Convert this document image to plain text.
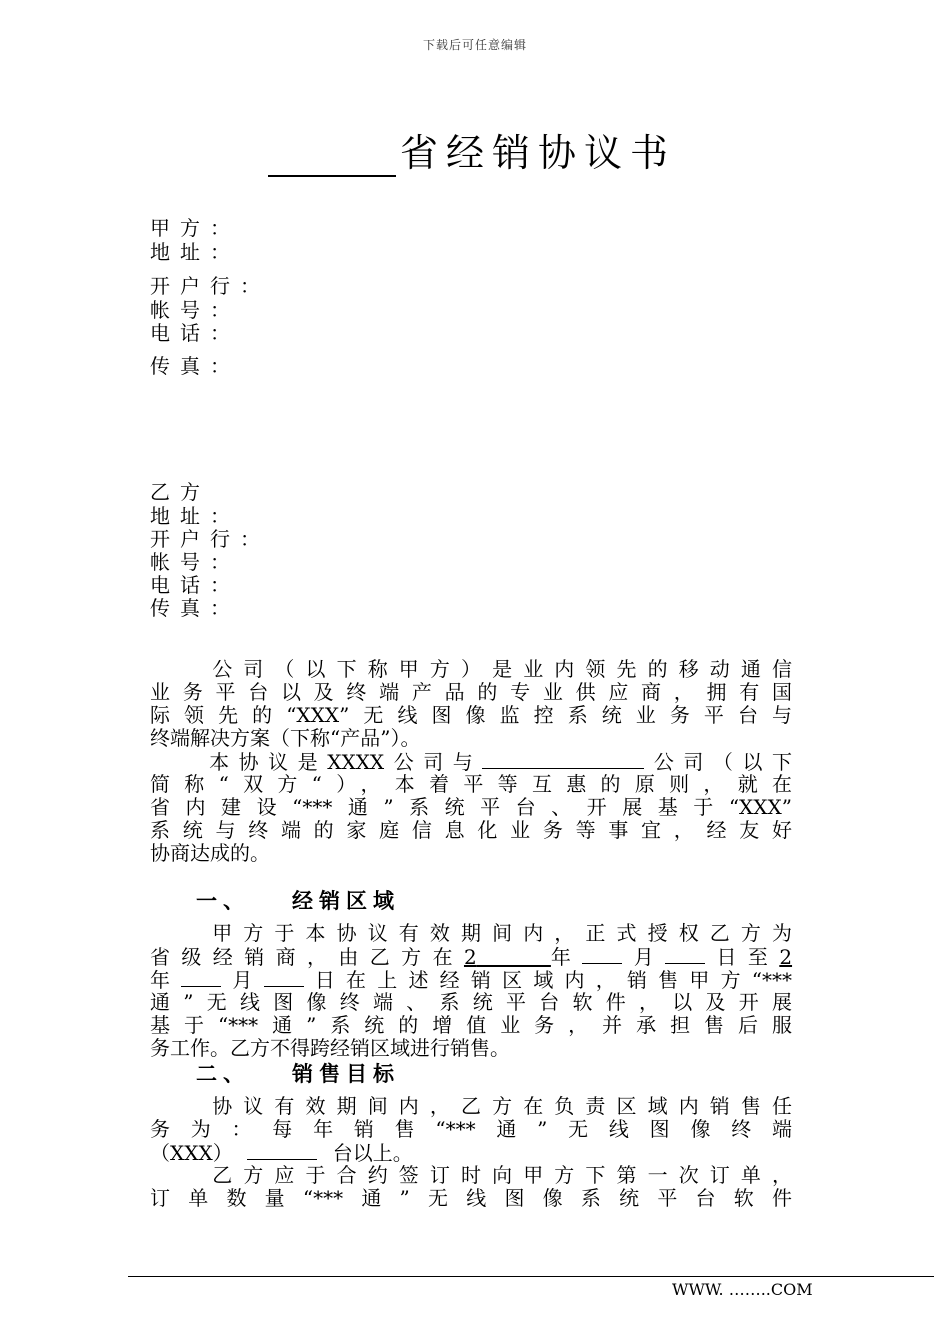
下载后可任意编辑
省经销协议书
甲方：
地址：
开户行：
帐号：
电话：
传真：
乙方
地址：
开户行：
帐号：
电话：
传真：
　　公司（以下称甲方）是业内领先的移动通信
业务平台以及终端产品的专业供应商，拥有国
际领先的“XXX”无线图像监控系统业务平台与
终端解决方案（下称“产品”）。
　　本协议是XXXX公司与	公司（以下
简称“双方“），本着平等互惠的原则，就在
省内建设“***通”系统平台、开展基于“XXX”
系统与终端的家庭信息化业务等事宜，经友好
协商达成的。
一、 经销区域
　　甲方于本协议有效期间内，正式授权乙方为
省级经销商，由乙方在2　　	年 月 日至2
年 月 日在上述经销区域内，销售甲方“***
通”无线图像终端、系统平台软件，以及开展
基于“***通”系统的增值业务，并承担售后服
务工作。乙方不得跨经销区域进行销售。
二、 销售目标
　　协议有效期间内，乙方在负责区域内销售任
务为：每年销售“***通”无线图像终端
（XXX）	台以上。
　　乙方应于合约签订时向甲方下第一次订单，
订单数量“***通”无线图像系统平台软件
WWW. ……..COM
